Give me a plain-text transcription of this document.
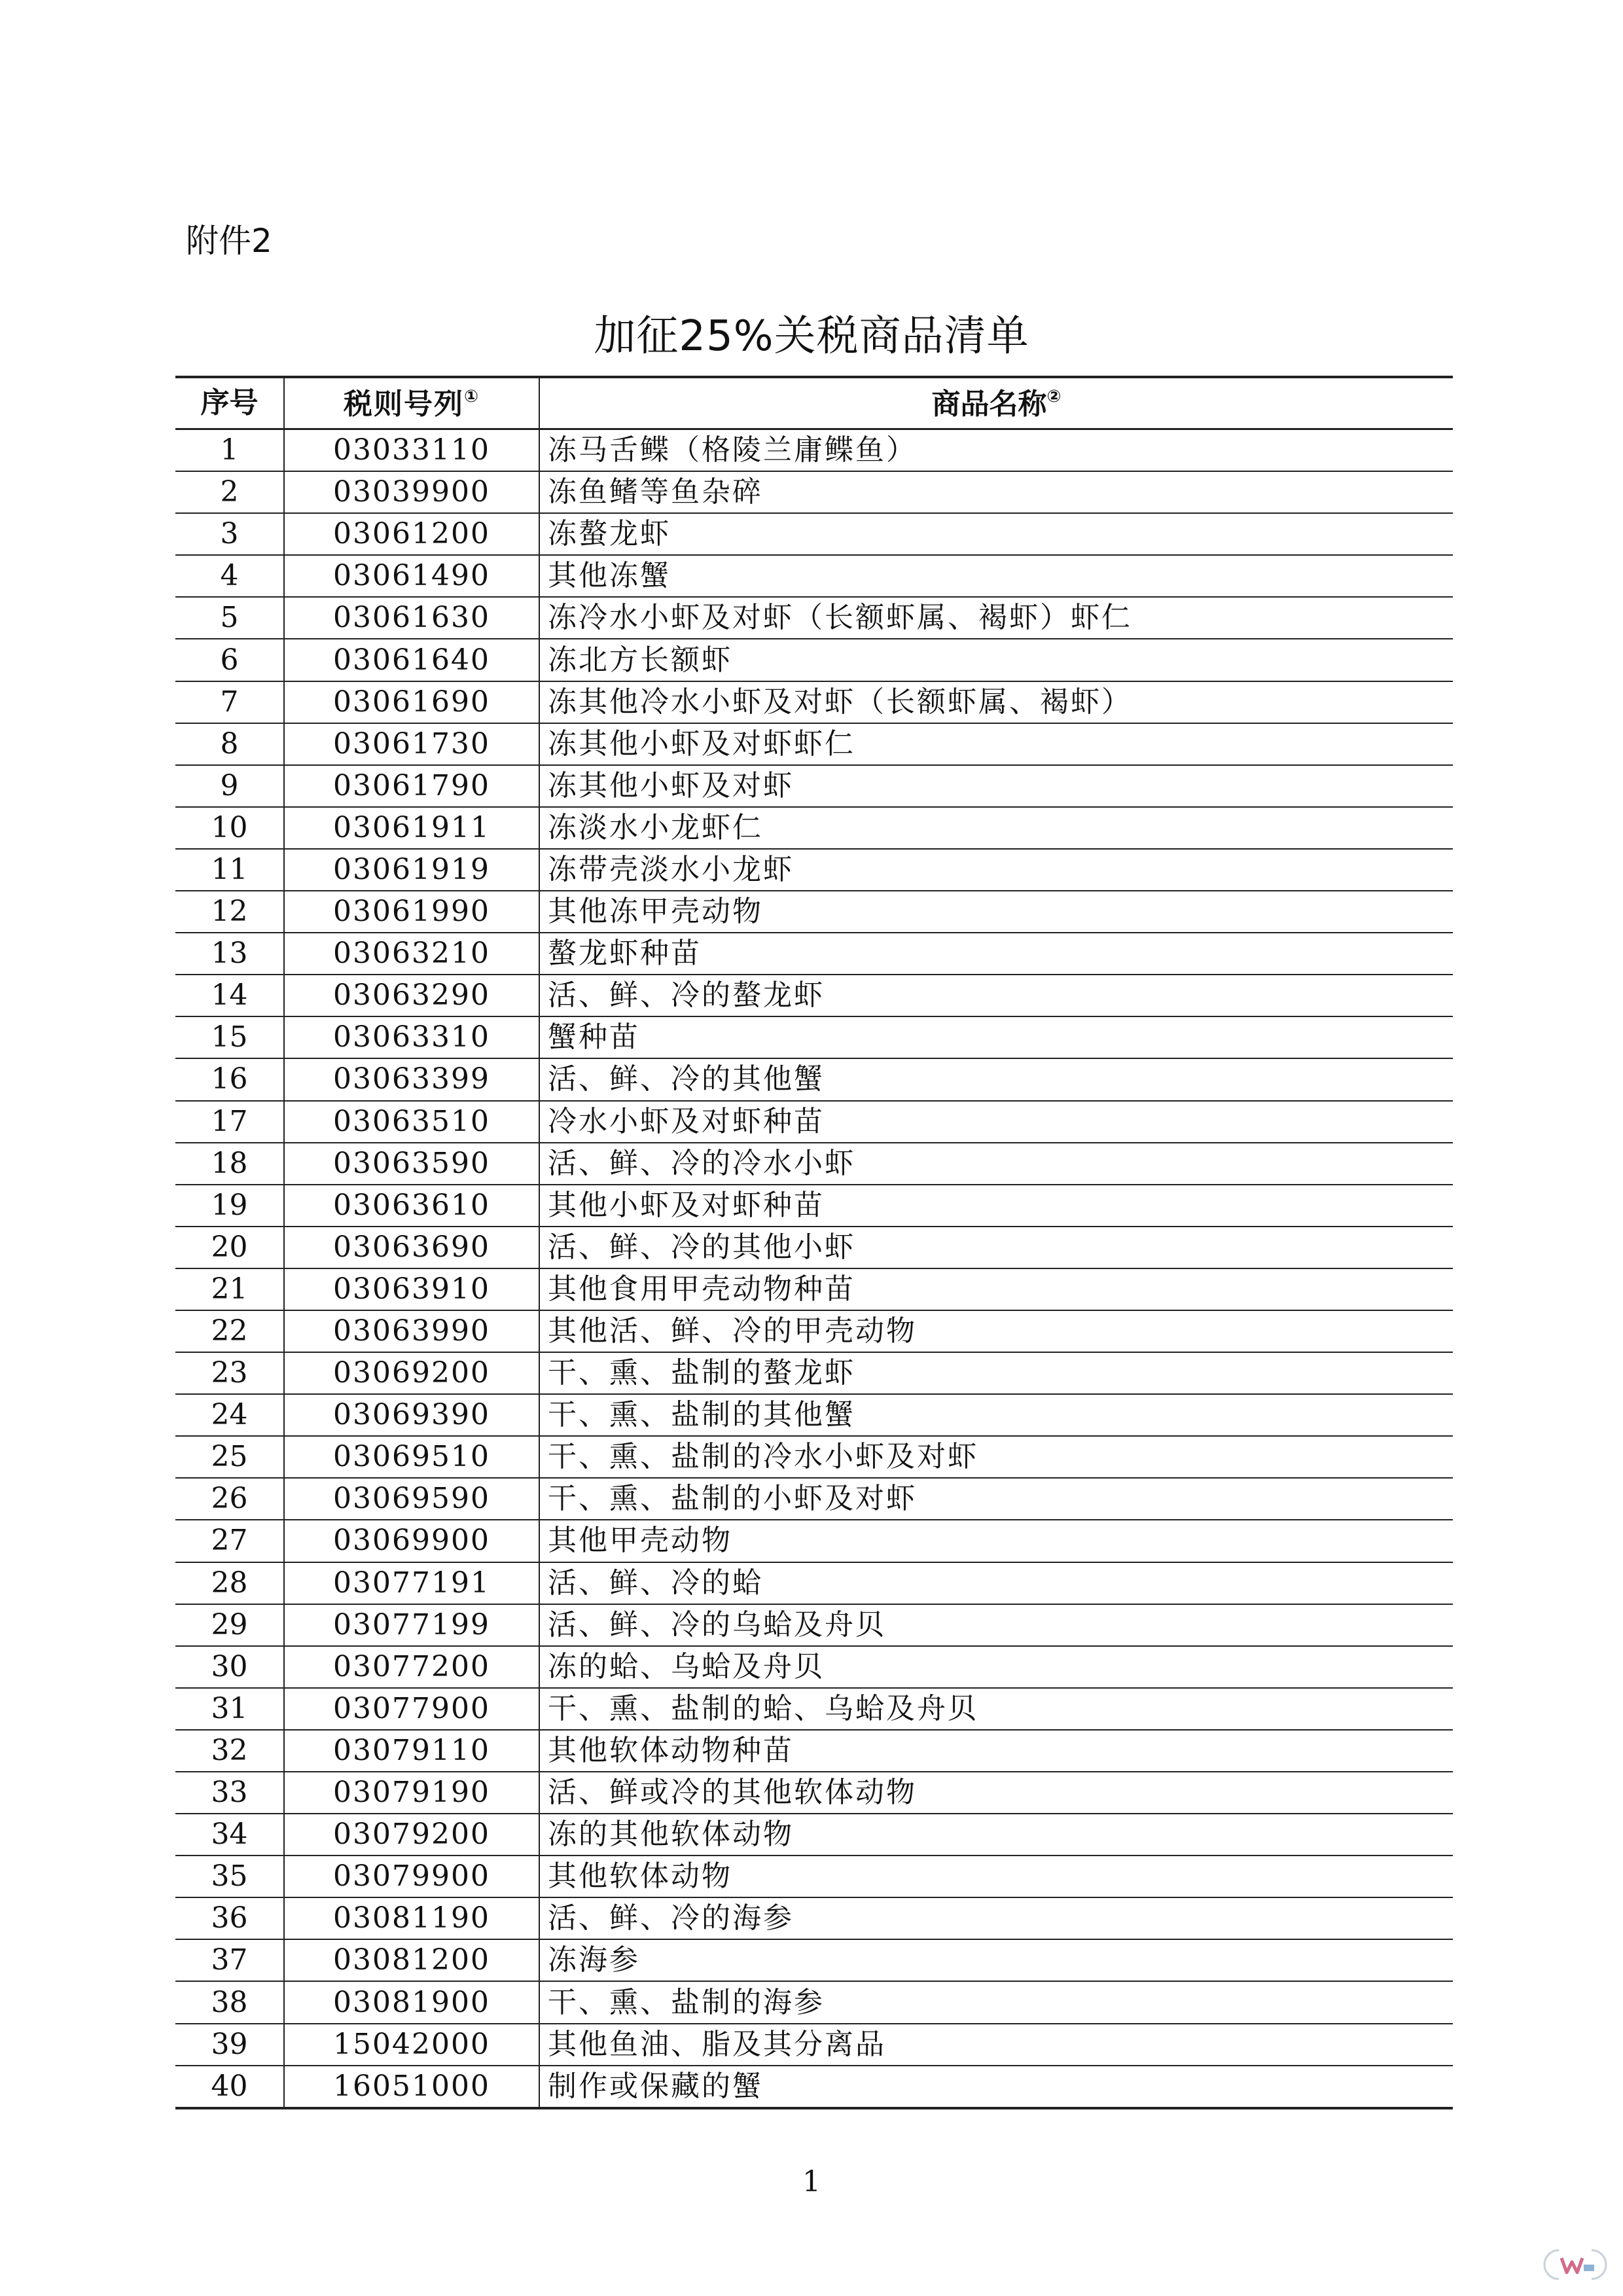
附件2
加征25%关税商品清单
序号	税则号列①	商品名称②
1	03033110	冻马舌鲽（格陵兰庸鲽鱼）
2	03039900	冻鱼鳍等鱼杂碎
3	03061200	冻螯龙虾
4	03061490	其他冻蟹
5	03061630	冻冷水小虾及对虾（长额虾属、褐虾）虾仁
6	03061640	冻北方长额虾
7	03061690	冻其他冷水小虾及对虾（长额虾属、褐虾）
8	03061730	冻其他小虾及对虾虾仁
9	03061790	冻其他小虾及对虾
10	03061911	冻淡水小龙虾仁
11	03061919	冻带壳淡水小龙虾
12	03061990	其他冻甲壳动物
13	03063210	螯龙虾种苗
14	03063290	活、鲜、冷的螯龙虾
15	03063310	蟹种苗
16	03063399	活、鲜、冷的其他蟹
17	03063510	冷水小虾及对虾种苗
18	03063590	活、鲜、冷的冷水小虾
19	03063610	其他小虾及对虾种苗
20	03063690	活、鲜、冷的其他小虾
21	03063910	其他食用甲壳动物种苗
22	03063990	其他活、鲜、冷的甲壳动物
23	03069200	干、熏、盐制的螯龙虾
24	03069390	干、熏、盐制的其他蟹
25	03069510	干、熏、盐制的冷水小虾及对虾
26	03069590	干、熏、盐制的小虾及对虾
27	03069900	其他甲壳动物
28	03077191	活、鲜、冷的蛤
29	03077199	活、鲜、冷的乌蛤及舟贝
30	03077200	冻的蛤、乌蛤及舟贝
31	03077900	干、熏、盐制的蛤、乌蛤及舟贝
32	03079110	其他软体动物种苗
33	03079190	活、鲜或冷的其他软体动物
34	03079200	冻的其他软体动物
35	03079900	其他软体动物
36	03081190	活、鲜、冷的海参
37	03081200	冻海参
38	03081900	干、熏、盐制的海参
39	15042000	其他鱼油、脂及其分离品
40	16051000	制作或保藏的蟹
1
